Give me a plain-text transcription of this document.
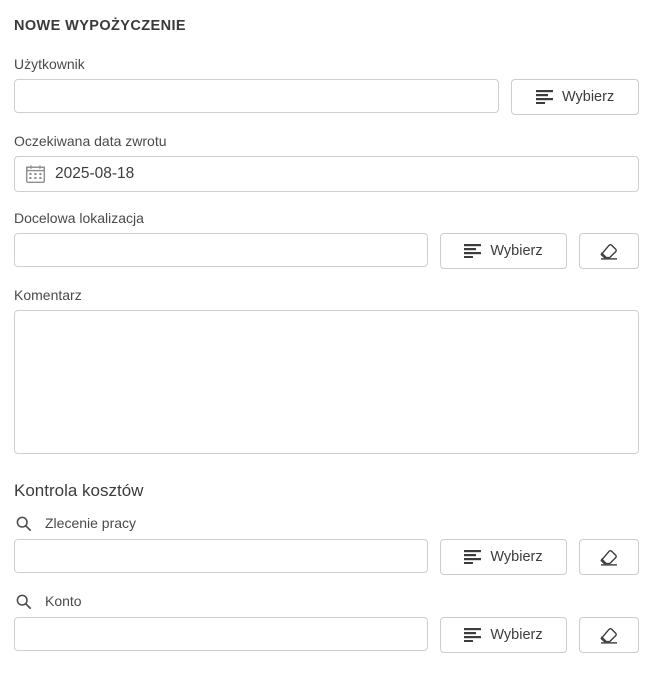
NOWE WYPOŻYCZENIE
Użytkownik
Wybierz
Oczekiwana data zwrotu
2025-08-18
Docelowa lokalizacja
Wybierz
Komentarz
Kontrola kosztów
Zlecenie pracy
Wybierz
Konto
Wybierz
